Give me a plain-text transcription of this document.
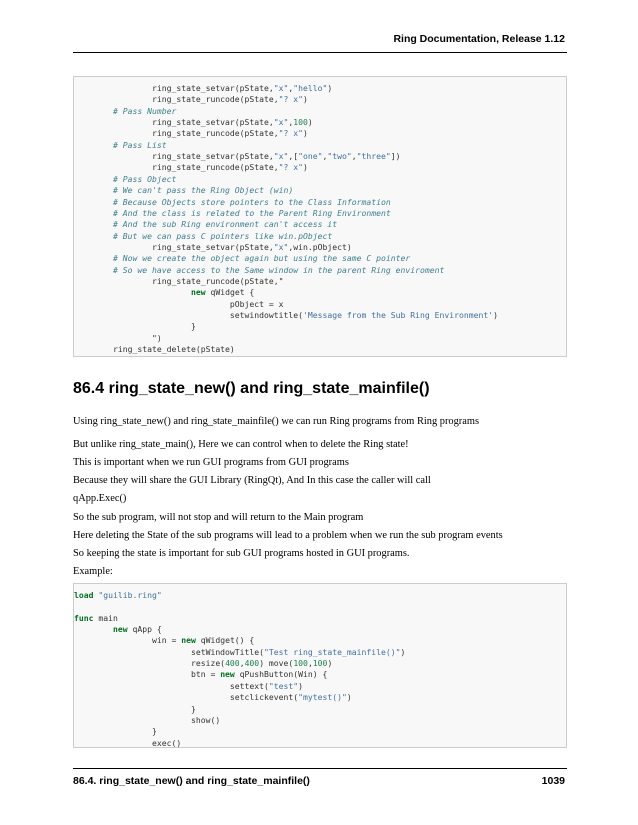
Ring Documentation, Release 1.12
ring_state_setvar(pState,"x","hello")
ring_state_runcode(pState,"? x")
# Pass Number
ring_state_setvar(pState,"x",100)
ring_state_runcode(pState,"? x")
# Pass List
ring_state_setvar(pState,"x",["one","two","three"])
ring_state_runcode(pState,"? x")
# Pass Object
# We can't pass the Ring Object (win)
# Because Objects store pointers to the Class Information
# And the class is related to the Parent Ring Environment
# And the sub Ring environment can't access it
# But we can pass C pointers like win.pObject
ring_state_setvar(pState,"x",win.pObject)
# Now we create the object again but using the same C pointer
# So we have access to the Same window in the parent Ring enviroment
ring_state_runcode(pState,"
new qWidget {
pObject = x
setwindowtitle('Message from the Sub Ring Environment')
}
")
ring_state_delete(pState)
86.4 ring_state_new() and ring_state_mainfile()
Using ring_state_new() and ring_state_mainfile() we can run Ring programs from Ring programs
But unlike ring_state_main(), Here we can control when to delete the Ring state!
This is important when we run GUI programs from GUI programs
Because they will share the GUI Library (RingQt), And In this case the caller will call
qApp.Exec()
So the sub program, will not stop and will return to the Main program
Here deleting the State of the sub programs will lead to a problem when we run the sub program events
So keeping the state is important for sub GUI programs hosted in GUI programs.
Example:
load "guilib.ring"
func main
new qApp {
win = new qWidget() {
setWindowTitle("Test ring_state_mainfile()")
resize(400,400) move(100,100)
btn = new qPushButton(Win) {
settext("test")
setclickevent("mytest()")
}
show()
}
exec()
86.4. ring_state_new() and ring_state_mainfile()	1039
